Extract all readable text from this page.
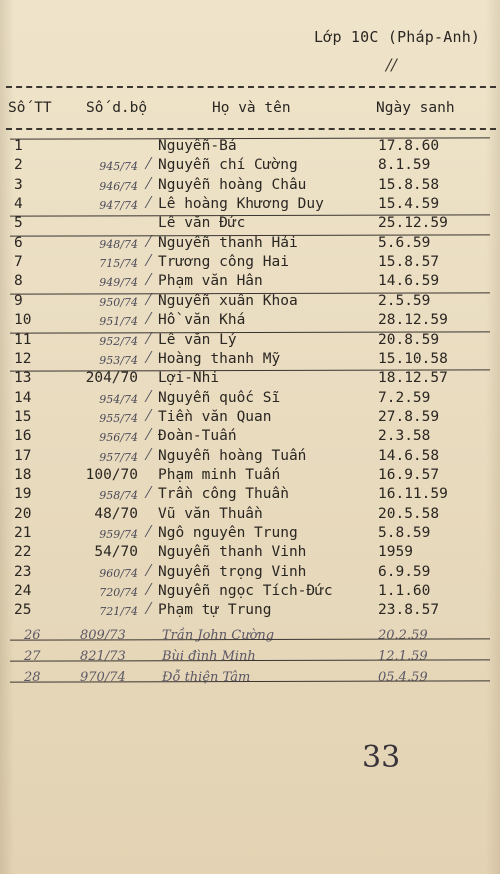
Lớp 10C (Pháp-Anh)
//
Số TT Số d.bộ	Họ và tên	Ngày sanh
1	Nguyễn-Bá	17.8.60
2	945/74 Nguyễn chí Cường	8.1.59
3	946/74 Nguyễn hoàng Châu	15.8.58
4	947/74 Lê hoàng Khương Duy	15.4.59
5	Lê văn Đức	25.12.59
6	948/74 Nguyễn thanh Hải	5.6.59
7	715/74 Trương công Hai	15.8.57
8	949/74 Phạm văn Hân	14.6.59
9	950/74 Nguyễn xuân Khoa	2.5.59
10	951/74 Hồ văn Khá	28.12.59
11	952/74 Lê văn Lý	20.8.59
12	953/74 Hoàng thanh Mỹ	15.10.58
13	204/70 Lợi-Nhi	18.12.57
14	954/74 Nguyễn quốc Sĩ	7.2.59
15	955/74 Tiền văn Quan	27.8.59
16	956/74 Đoàn-Tuấn	2.3.58
17	957/74 Nguyễn hoàng Tuấn	14.6.58
18	100/70 Phạm minh Tuấn	16.9.57
19	958/74 Trần công Thuần	16.11.59
20	48/70 Vũ văn Thuần	20.5.58
21	959/74 Ngô nguyên Trung	5.8.59
22	54/70 Nguyễn thanh Vinh	1959
23	960/74 Nguyễn trọng Vinh	6.9.59
24	720/74 Nguyễn ngọc Tích-Đức	1.1.60
25	721/74 Phạm tự Trung	23.8.57
26	809/73	Trần John Cường	20.2.59
27	821/73	Bùi đình Minh	12.1.59
28	970/74	Đỗ thiện Tâm	05.4.59
33
